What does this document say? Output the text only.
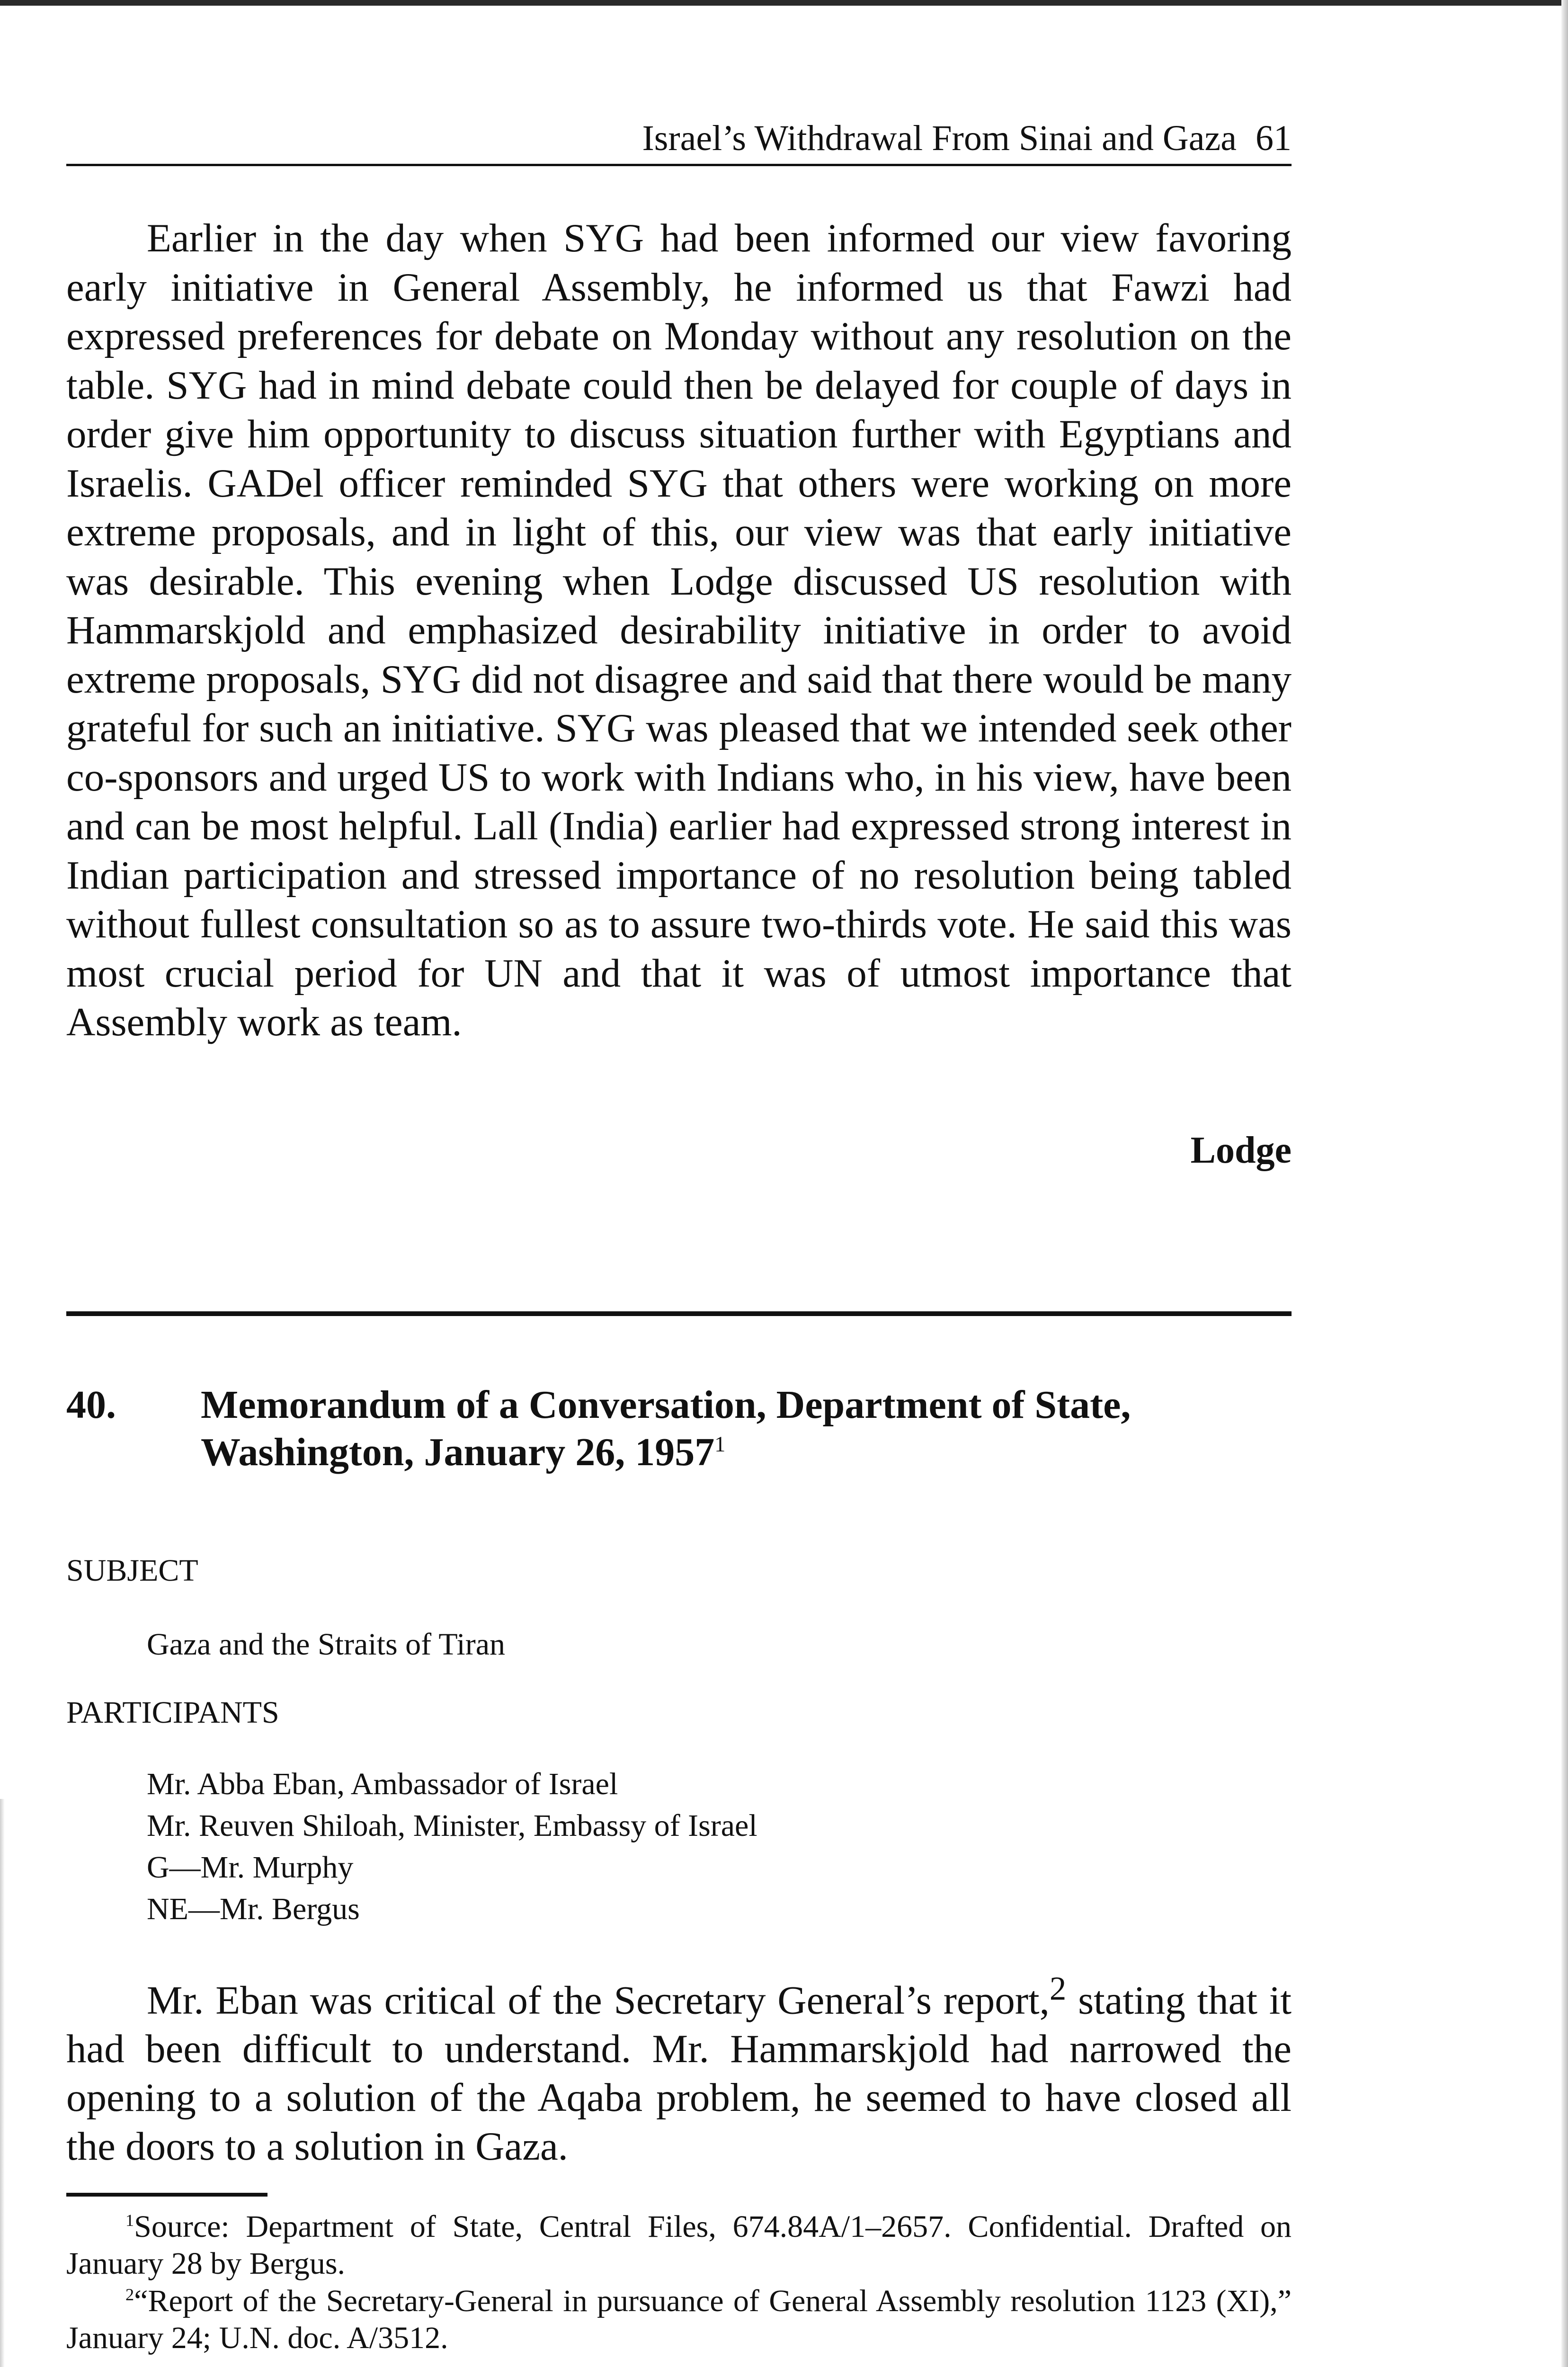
Israel’s Withdrawal From Sinai and Gaza 61

Earlier in the day when SYG had been informed our view favoring early initiative in General Assembly, he informed us that Fawzi had expressed preferences for debate on Monday without any resolution on the table. SYG had in mind debate could then be delayed for couple of days in order give him opportunity to discuss situation further with Egyptians and Israelis. GADel officer reminded SYG that others were working on more extreme proposals, and in light of this, our view was that early initiative was desirable. This evening when Lodge discussed US resolution with Hammarskjold and emphasized desirability initiative in order to avoid extreme proposals, SYG did not disagree and said that there would be many grateful for such an initiative. SYG was pleased that we intended seek other co-sponsors and urged US to work with Indians who, in his view, have been and can be most helpful. Lall (India) earlier had expressed strong interest in Indian participation and stressed importance of no resolution being tabled without fullest consultation so as to assure two-thirds vote. He said this was most crucial period for UN and that it was of utmost importance that Assembly work as team.

Lodge
40. Memorandum of a Conversation, Department of State,
Washington, January 26, 1957$^1$
SUBJECT
Gaza and the Straits of Tiran
PARTICIPANTS
Mr. Abba Eban, Ambassador of Israel
Mr. Reuven Shiloah, Minister, Embassy of Israel
G—Mr. Murphy
NE—Mr. Bergus

Mr. Eban was critical of the Secretary General’s report,$^2$ stating that it had been difficult to understand. Mr. Hammarskjold had narrowed the opening to a solution of the Aqaba problem, he seemed to have closed all the doors to a solution in Gaza.

$^1$Source: Department of State, Central Files, 674.84A/1–2657. Confidential. Drafted on January 28 by Bergus.

$^2$“Report of the Secretary-General in pursuance of General Assembly resolution 1123 (XI),” January 24; U.N. doc. A/3512.
